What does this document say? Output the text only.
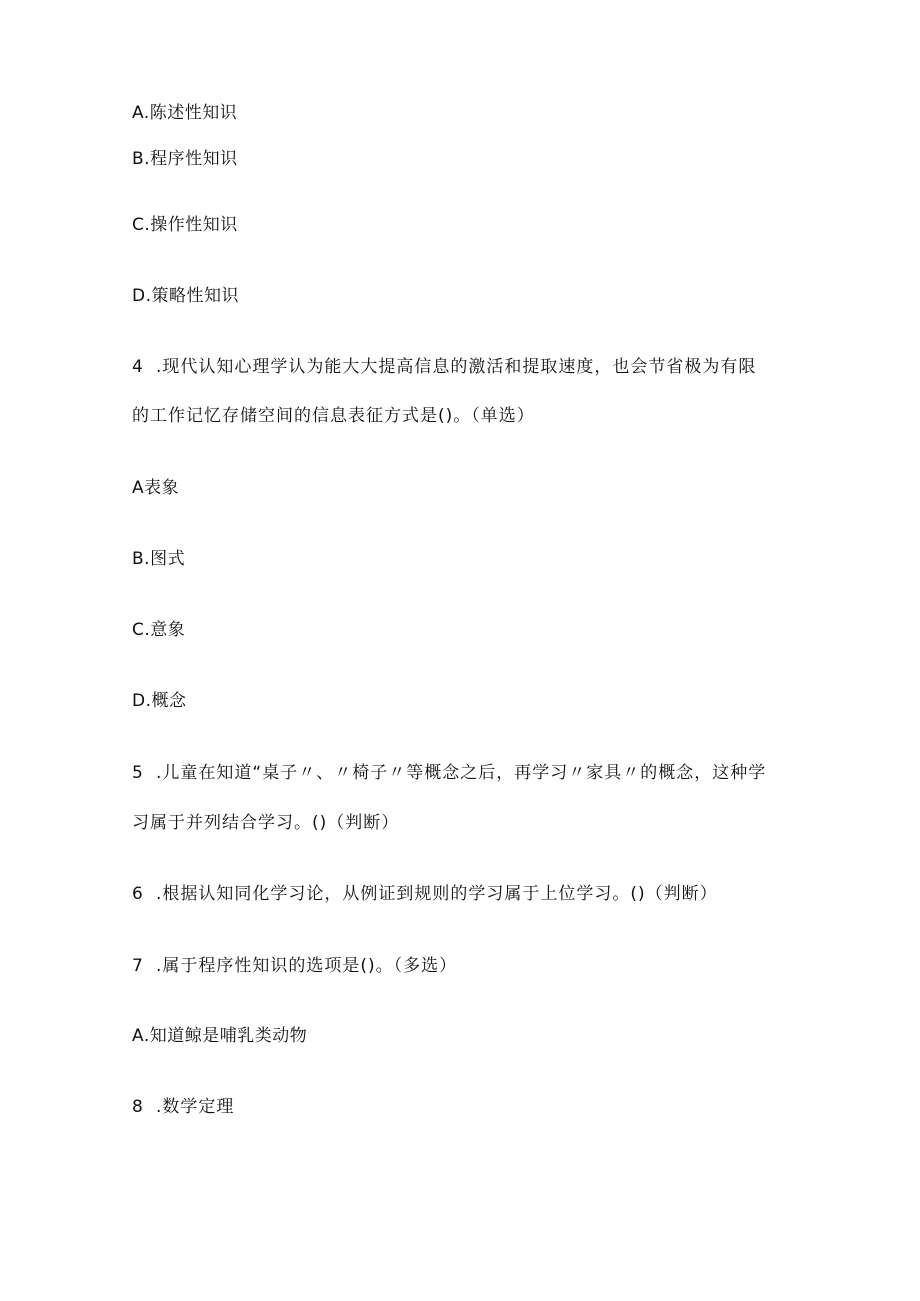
A.陈述性知识
B.程序性知识
C.操作性知识
D.策略性知识
4 .现代认知心理学认为能大大提高信息的激活和提取速度，也会节省极为有限
的工作记忆存储空间的信息表征方式是()。（单选）
A表象
B.图式
C.意象
D.概念
5 .儿童在知道“桌子〃、〃椅子〃等概念之后，再学习〃家具〃的概念，这种学
习属于并列结合学习。()（判断）
6 .根据认知同化学习论，从例证到规则的学习属于上位学习。()（判断）
7 .属于程序性知识的选项是()。（多选）
A.知道鲸是哺乳类动物
8 .数学定理
